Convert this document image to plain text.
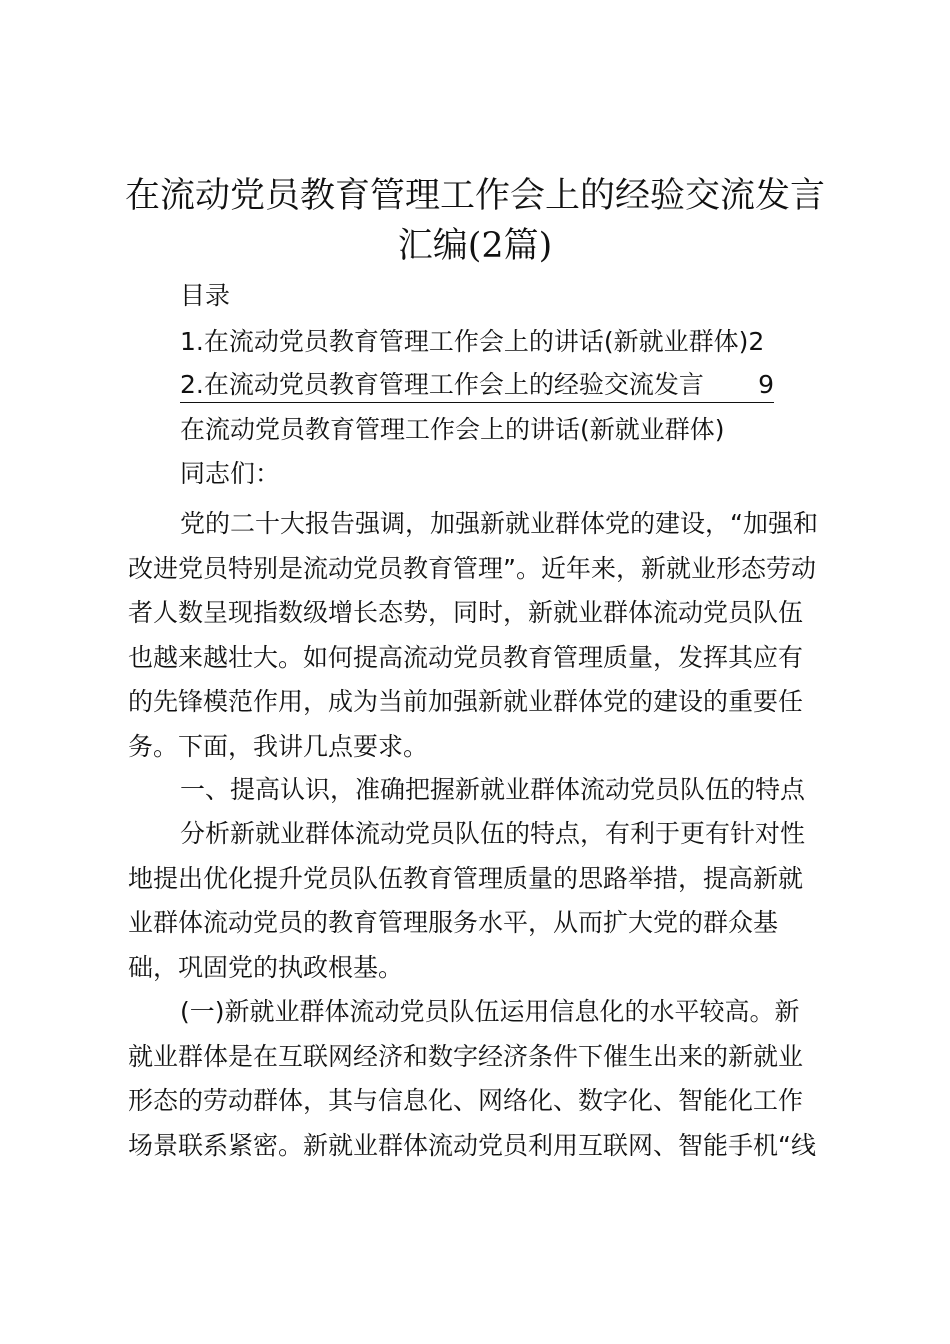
在流动党员教育管理工作会上的经验交流发言
汇编(2篇)
目录
1.在流动党员教育管理工作会上的讲话(新就业群体)2
2.在流动党员教育管理工作会上的经验交流发言 9
在流动党员教育管理工作会上的讲话(新就业群体)
同志们：
党的二十大报告强调，加强新就业群体党的建设，“加强和
改进党员特别是流动党员教育管理”。近年来，新就业形态劳动
者人数呈现指数级增长态势，同时，新就业群体流动党员队伍
也越来越壮大。如何提高流动党员教育管理质量，发挥其应有
的先锋模范作用，成为当前加强新就业群体党的建设的重要任
务。下面，我讲几点要求。
一、提高认识，准确把握新就业群体流动党员队伍的特点
分析新就业群体流动党员队伍的特点，有利于更有针对性
地提出优化提升党员队伍教育管理质量的思路举措，提高新就
业群体流动党员的教育管理服务水平，从而扩大党的群众基
础，巩固党的执政根基。
(一)新就业群体流动党员队伍运用信息化的水平较高。新
就业群体是在互联网经济和数字经济条件下催生出来的新就业
形态的劳动群体，其与信息化、网络化、数字化、智能化工作
场景联系紧密。新就业群体流动党员利用互联网、智能手机“线
